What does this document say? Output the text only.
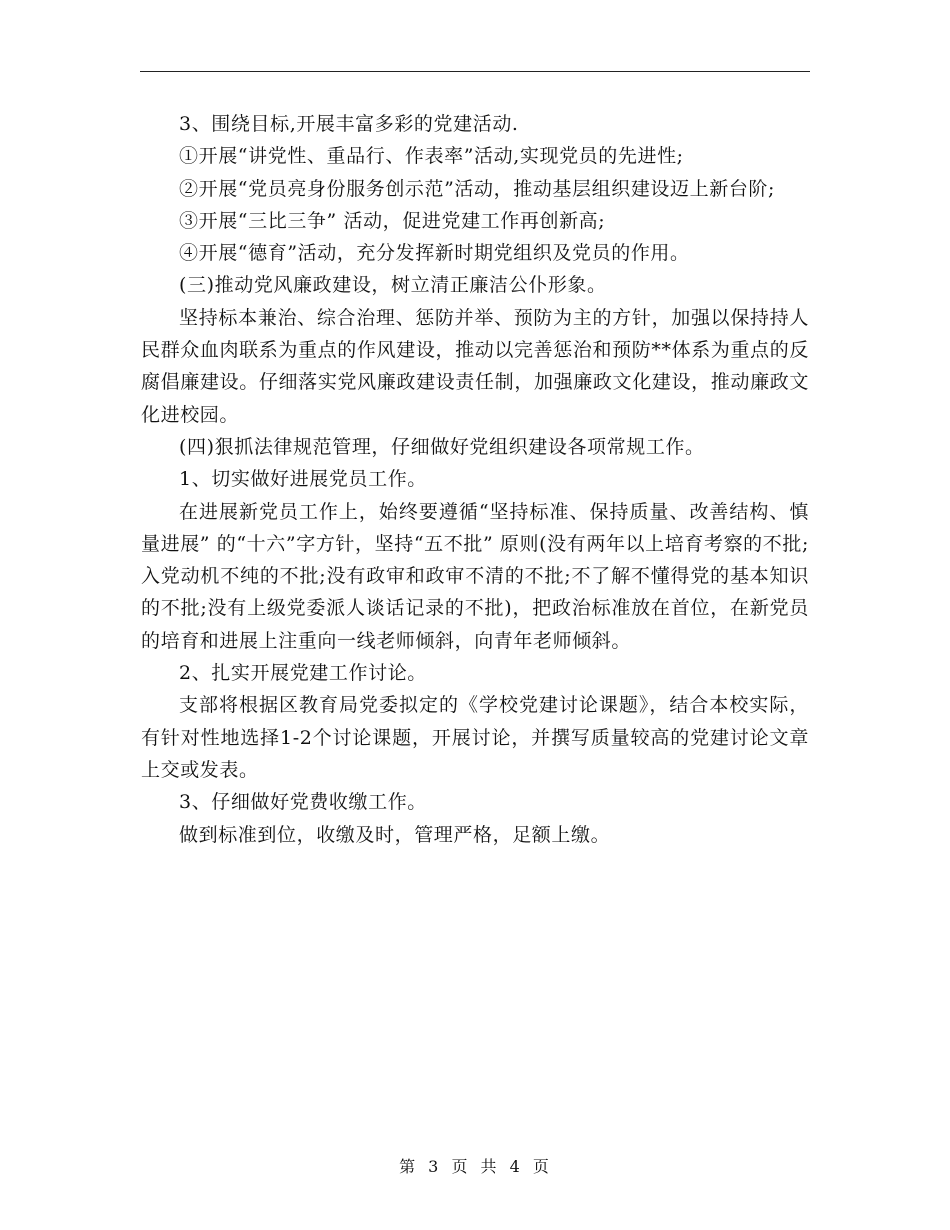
3、围绕目标,开展丰富多彩的党建活动.

①开展“讲党性、重品行、作表率”活动,实现党员的先进性;

②开展“党员亮身份服务创示范”活动，推动基层组织建设迈上新台阶;

③开展“三比三争” 活动，促进党建工作再创新高;

④开展“德育”活动，充分发挥新时期党组织及党员的作用。

(三)推动党风廉政建设，树立清正廉洁公仆形象。

坚持标本兼治、综合治理、惩防并举、预防为主的方针，加强以保持持人民群众血肉联系为重点的作风建设，推动以完善惩治和预防**体系为重点的反腐倡廉建设。仔细落实党风廉政建设责任制，加强廉政文化建设，推动廉政文化进校园。

(四)狠抓法律规范管理，仔细做好党组织建设各项常规工作。

1、切实做好进展党员工作。

在进展新党员工作上，始终要遵循“坚持标准、保持质量、改善结构、慎量进展” 的“十六”字方针，坚持“五不批” 原则(没有两年以上培育考察的不批;入党动机不纯的不批;没有政审和政审不清的不批;不了解不懂得党的基本知识的不批;没有上级党委派人谈话记录的不批)，把政治标准放在首位，在新党员的培育和进展上注重向一线老师倾斜，向青年老师倾斜。

2、扎实开展党建工作讨论。

支部将根据区教育局党委拟定的《学校党建讨论课题》，结合本校实际，有针对性地选择1-2个讨论课题，开展讨论，并撰写质量较高的党建讨论文章上交或发表。

3、仔细做好党费收缴工作。

做到标准到位，收缴及时，管理严格，足额上缴。

第 3 页 共 4 页
